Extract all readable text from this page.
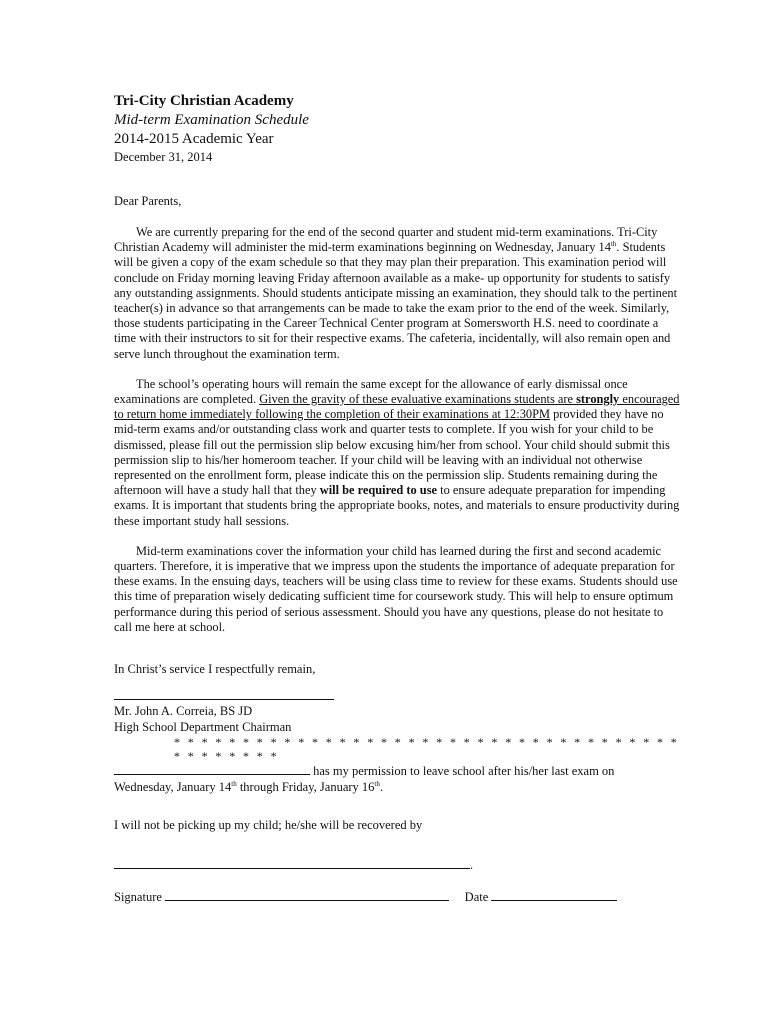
Tri-City Christian Academy
Mid-term Examination Schedule
2014-2015 Academic Year
December 31, 2014
Dear Parents,

We are currently preparing for the end of the second quarter and student mid-term examinations. Tri-City Christian Academy will administer the mid-term examinations beginning on Wednesday, January 14th. Students will be given a copy of the exam schedule so that they may plan their preparation. This examination period will conclude on Friday morning leaving Friday afternoon available as a make- up opportunity for students to satisfy any outstanding assignments. Should students anticipate missing an examination, they should talk to the pertinent teacher(s) in advance so that arrangements can be made to take the exam prior to the end of the week. Similarly, those students participating in the Career Technical Center program at Somersworth H.S. need to coordinate a time with their instructors to sit for their respective exams. The cafeteria, incidentally, will also remain open and serve lunch throughout the examination term.

The school’s operating hours will remain the same except for the allowance of early dismissal once examinations are completed. Given the gravity of these evaluative examinations students are strongly encouraged to return home immediately following the completion of their examinations at 12:30PM provided they have no mid-term exams and/or outstanding class work and quarter tests to complete. If you wish for your child to be dismissed, please fill out the permission slip below excusing him/her from school. Your child should submit this permission slip to his/her homeroom teacher. If your child will be leaving with an individual not otherwise represented on the enrollment form, please indicate this on the permission slip. Students remaining during the afternoon will have a study hall that they will be required to use to ensure adequate preparation for impending exams. It is important that students bring the appropriate books, notes, and materials to ensure productivity during these important study hall sessions.

Mid-term examinations cover the information your child has learned during the first and second academic quarters. Therefore, it is imperative that we impress upon the students the importance of adequate preparation for these exams. In the ensuing days, teachers will be using class time to review for these exams. Students should use this time of preparation wisely dedicating sufficient time for coursework study. This will help to ensure optimum performance during this period of serious assessment. Should you have any questions, please do not hesitate to call me here at school.

In Christ’s service I respectfully remain,
Mr. John A. Correia, BS JD
High School Department Chairman
* * * * * * * * * * * * * * * * * * * * * * * * * * * * * * * * * * * * * * * * * * * * *
has my permission to leave school after his/her last exam on
Wednesday, January 14th through Friday, January 16th.
I will not be picking up my child; he/she will be recovered by
.
Signature	Date
